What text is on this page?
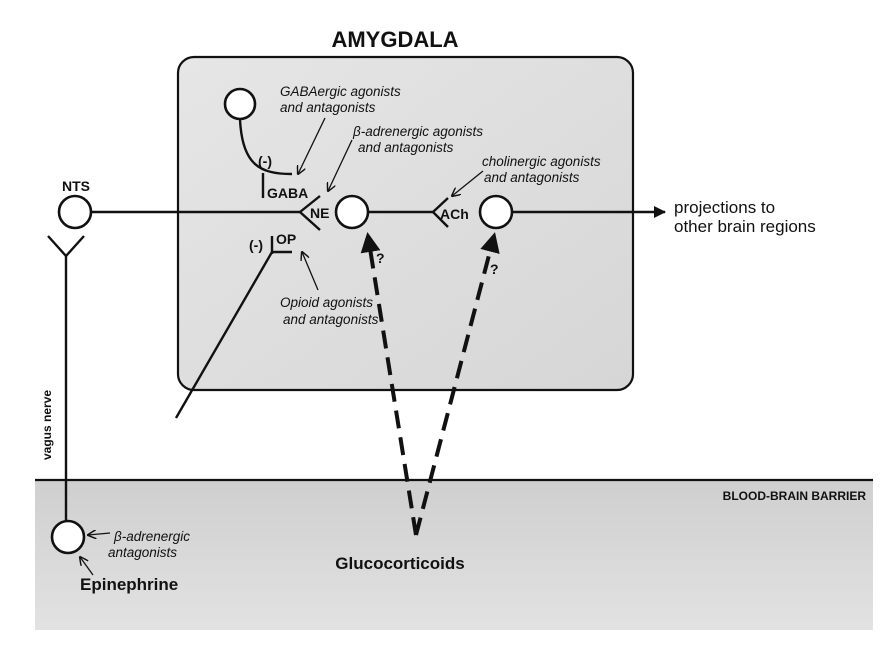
BLOOD-BRAIN BARRIER
AMYGDALA
NE	ACh
(-)
GABA
OP
(-)
NTS
vagus nerve
Epinephrine
β-adrenergic
antagonists
?
?
Glucocorticoids
GABAergic agonists
and antagonists
β-adrenergic agonists
and antagonists
cholinergic agonists
and antagonists
Opioid agonists
and antagonists
projections to
other brain regions
